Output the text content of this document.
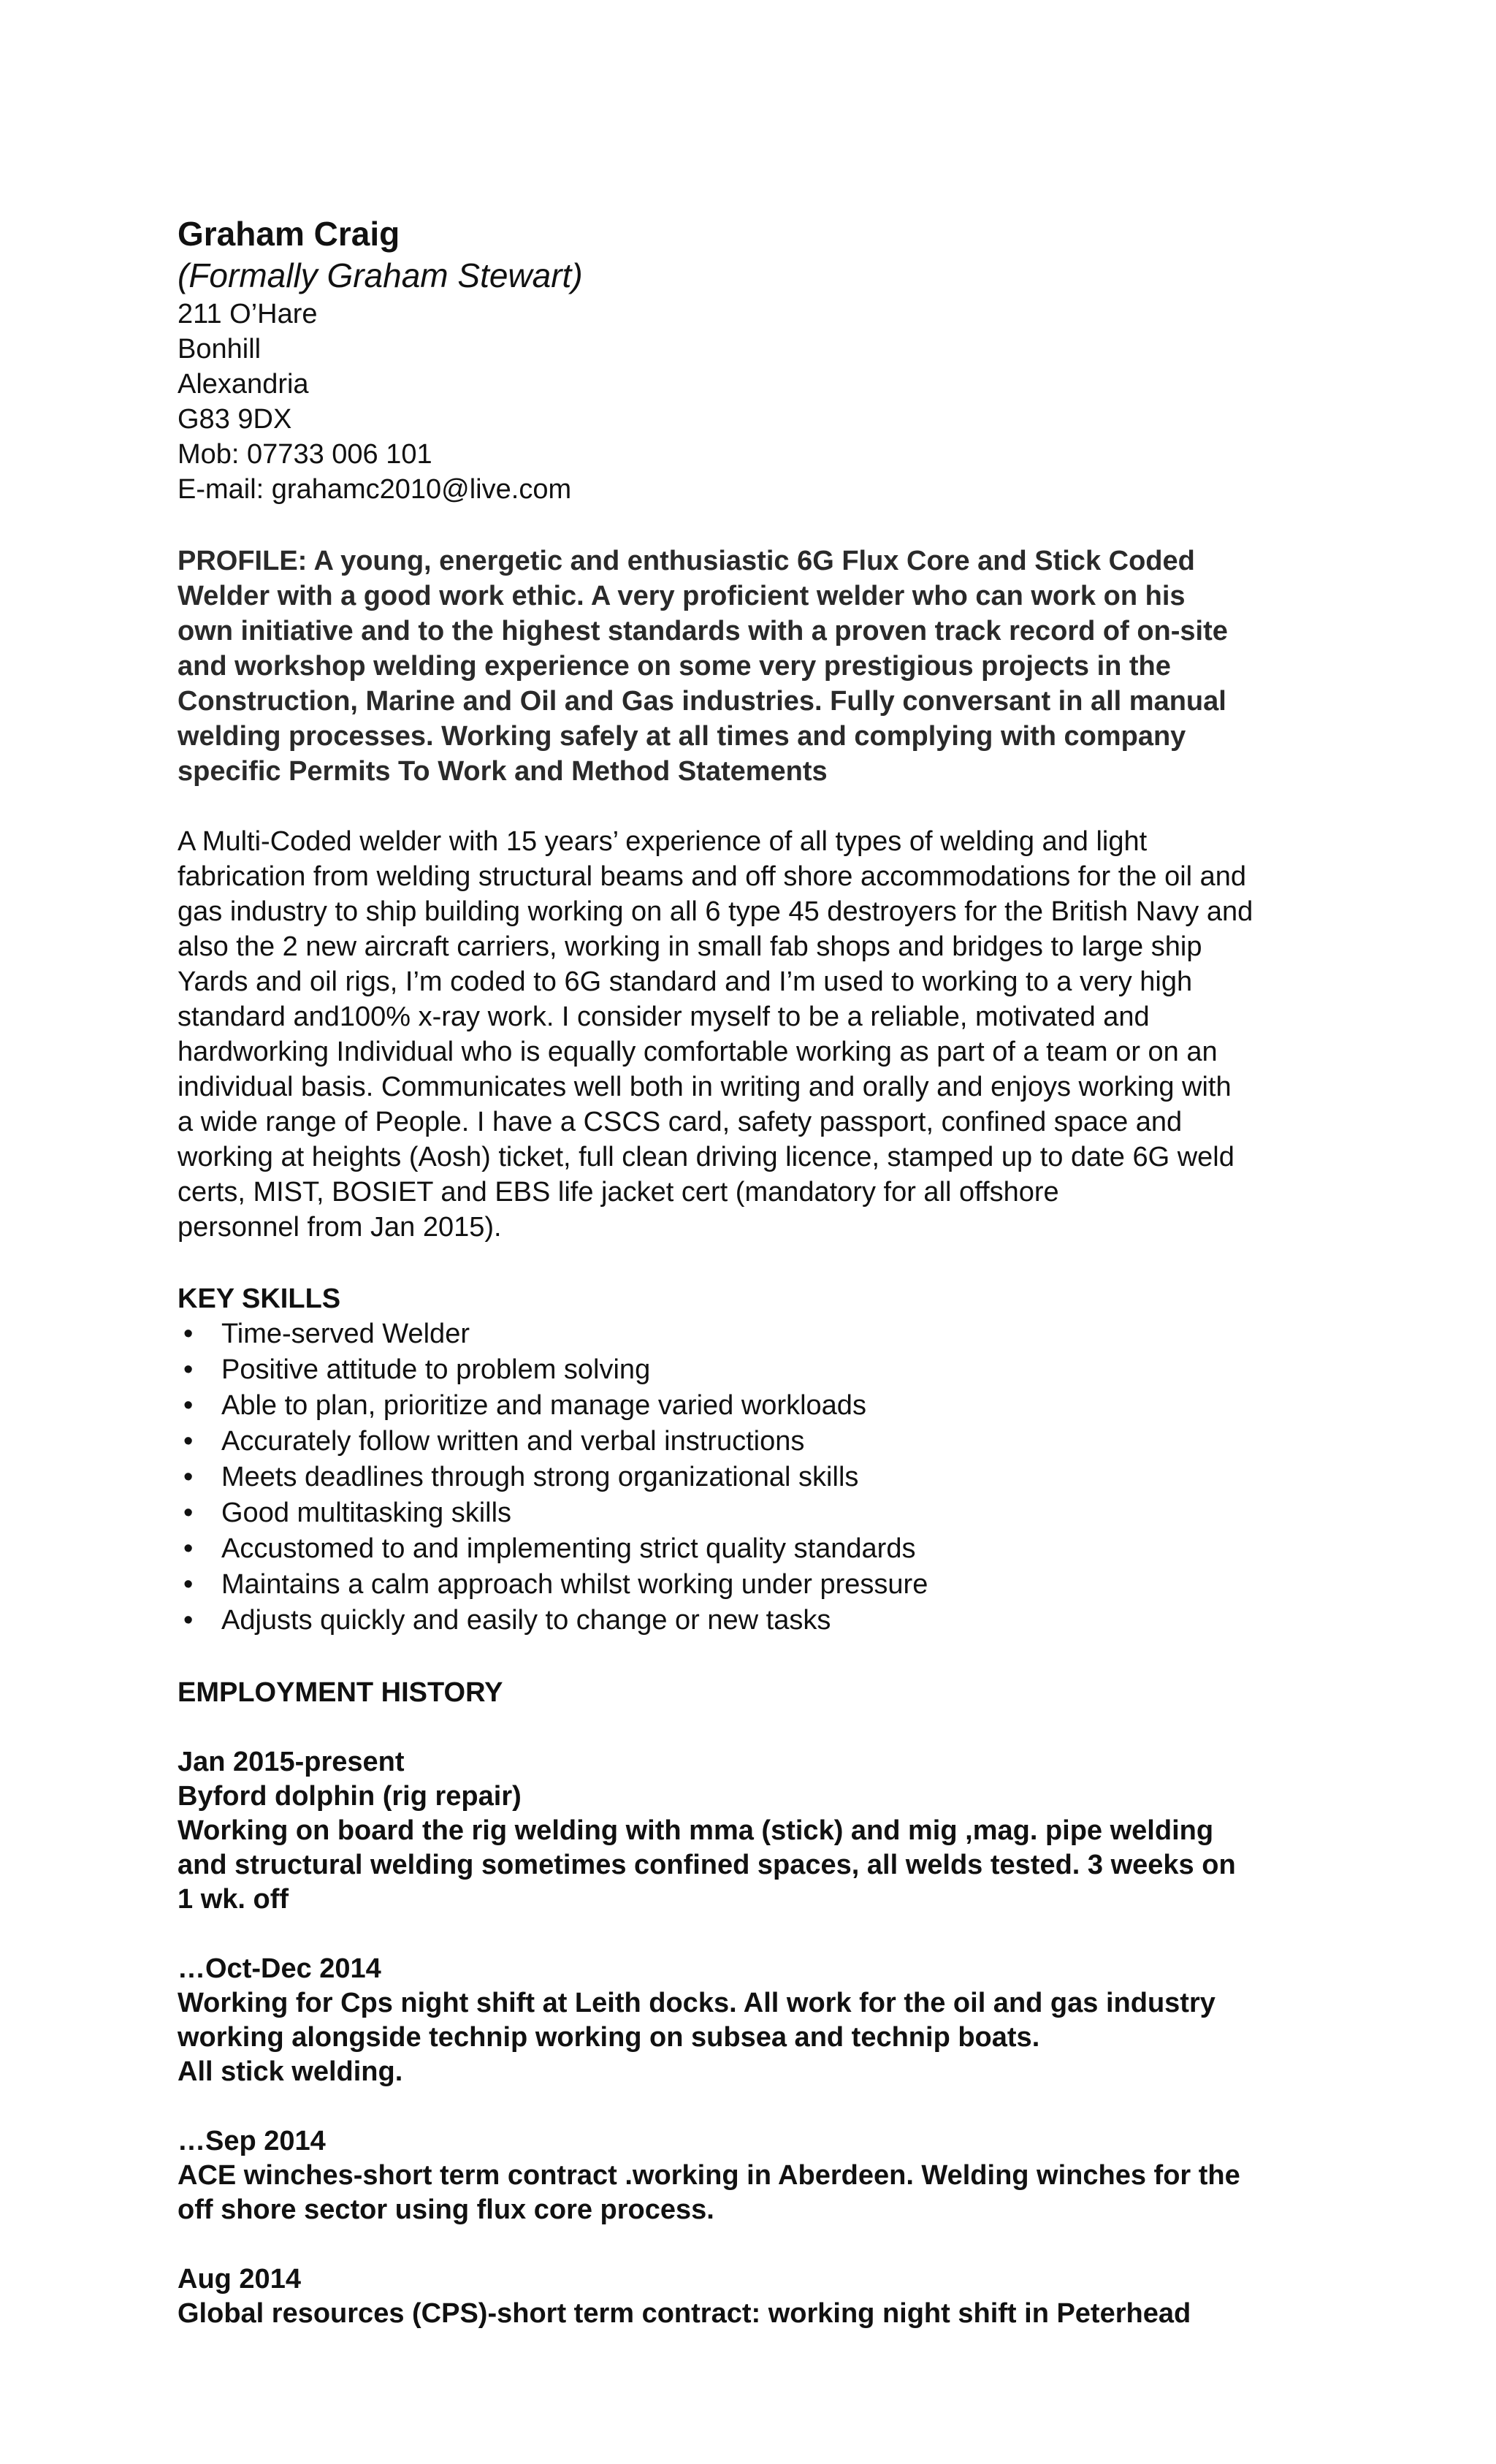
Graham Craig

(Formally Graham Stewart)

211 O’Hare

Bonhill

Alexandria

G83 9DX

Mob: 07733 006 101

E-mail: grahamc2010@live.com

PROFILE: A young, energetic and enthusiastic 6G Flux Core and Stick Coded

Welder with a good work ethic. A very proficient welder who can work on his

own initiative and to the highest standards with a proven track record of on-site

and workshop welding experience on some very prestigious projects in the

Construction, Marine and Oil and Gas industries. Fully conversant in all manual

welding processes. Working safely at all times and complying with company

specific Permits To Work and Method Statements

A Multi-Coded welder with 15 years’ experience of all types of welding and light

fabrication from welding structural beams and off shore accommodations for the oil and

gas industry to ship building working on all 6 type 45 destroyers for the British Navy and

also the 2 new aircraft carriers, working in small fab shops and bridges to large ship

Yards and oil rigs, I’m coded to 6G standard and I’m used to working to a very high

standard and100% x-ray work. I consider myself to be a reliable, motivated and

hardworking Individual who is equally comfortable working as part of a team or on an

individual basis. Communicates well both in writing and orally and enjoys working with

a wide range of People. I have a CSCS card, safety passport, confined space and

working at heights (Aosh) ticket, full clean driving licence, stamped up to date 6G weld

certs, MIST, BOSIET and EBS life jacket cert (mandatory for all offshore

personnel from Jan 2015).

KEY SKILLS

• Time-served Welder
• Positive attitude to problem solving
• Able to plan, prioritize and manage varied workloads
• Accurately follow written and verbal instructions
• Meets deadlines through strong organizational skills
• Good multitasking skills
• Accustomed to and implementing strict quality standards
• Maintains a calm approach whilst working under pressure
• Adjusts quickly and easily to change or new tasks

EMPLOYMENT HISTORY

Jan 2015-present

Byford dolphin (rig repair)

Working on board the rig welding with mma (stick) and mig ,mag. pipe welding

and structural welding sometimes confined spaces, all welds tested. 3 weeks on

1 wk. off

…Oct-Dec 2014

Working for Cps night shift at Leith docks. All work for the oil and gas industry

working alongside technip working on subsea and technip boats.

All stick welding.

…Sep 2014

ACE winches-short term contract .working in Aberdeen. Welding winches for the

off shore sector using flux core process.

Aug 2014

Global resources (CPS)-short term contract: working night shift in Peterhead
